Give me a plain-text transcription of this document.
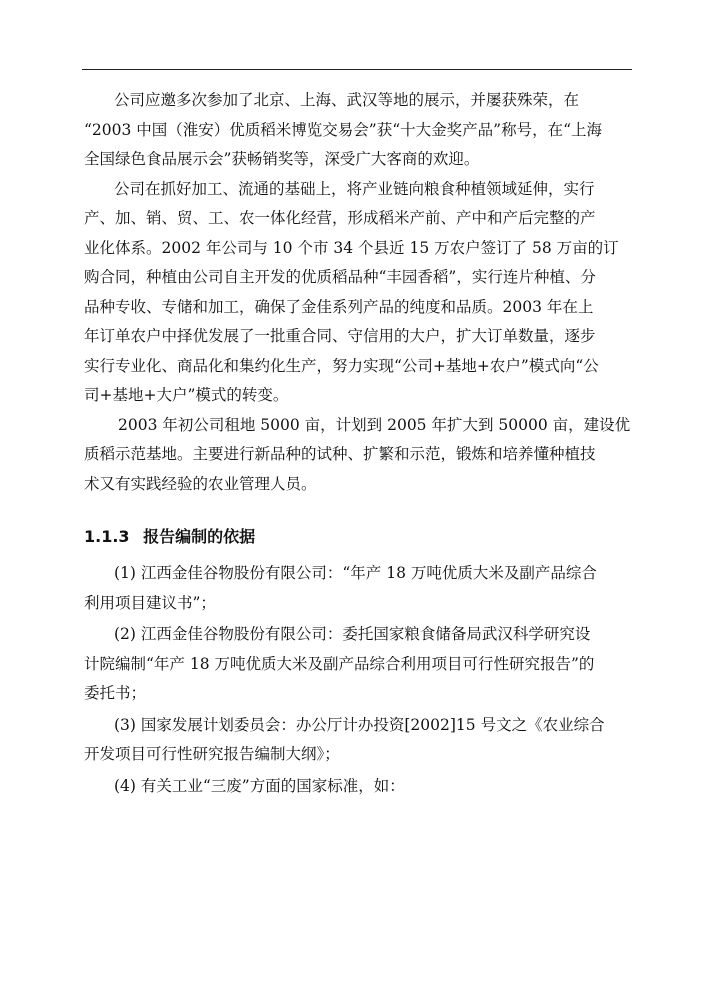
公司应邀多次参加了北京、上海、武汉等地的展示，并屡获殊荣，在
“2003 中国（淮安）优质稻米博览交易会”获“十大金奖产品”称号，在“上海
全国绿色食品展示会”获畅销奖等，深受广大客商的欢迎。

公司在抓好加工、流通的基础上，将产业链向粮食种植领域延伸，实行
产、加、销、贸、工、农一体化经营，形成稻米产前、产中和产后完整的产
业化体系。2002 年公司与 10 个市 34 个县近 15 万农户签订了 58 万亩的订
购合同，种植由公司自主开发的优质稻品种“丰园香稻”，实行连片种植、分
品种专收、专储和加工，确保了金佳系列产品的纯度和品质。2003 年在上
年订单农户中择优发展了一批重合同、守信用的大户，扩大订单数量，逐步
实行专业化、商品化和集约化生产，努力实现“公司+基地+农户”模式向“公
司+基地+大户”模式的转变。

2003 年初公司租地 5000 亩，计划到 2005 年扩大到 50000 亩，建设优
质稻示范基地。主要进行新品种的试种、扩繁和示范，锻炼和培养懂种植技
术又有实践经验的农业管理人员。

1.1.3 报告编制的依据

(1) 江西金佳谷物股份有限公司：“年产 18 万吨优质大米及副产品综合
利用项目建议书”；

(2) 江西金佳谷物股份有限公司：委托国家粮食储备局武汉科学研究设
计院编制“年产 18 万吨优质大米及副产品综合利用项目可行性研究报告”的
委托书；

(3) 国家发展计划委员会：办公厅计办投资[2002]15 号文之《农业综合
开发项目可行性研究报告编制大纲》；

(4) 有关工业“三废”方面的国家标准，如：
